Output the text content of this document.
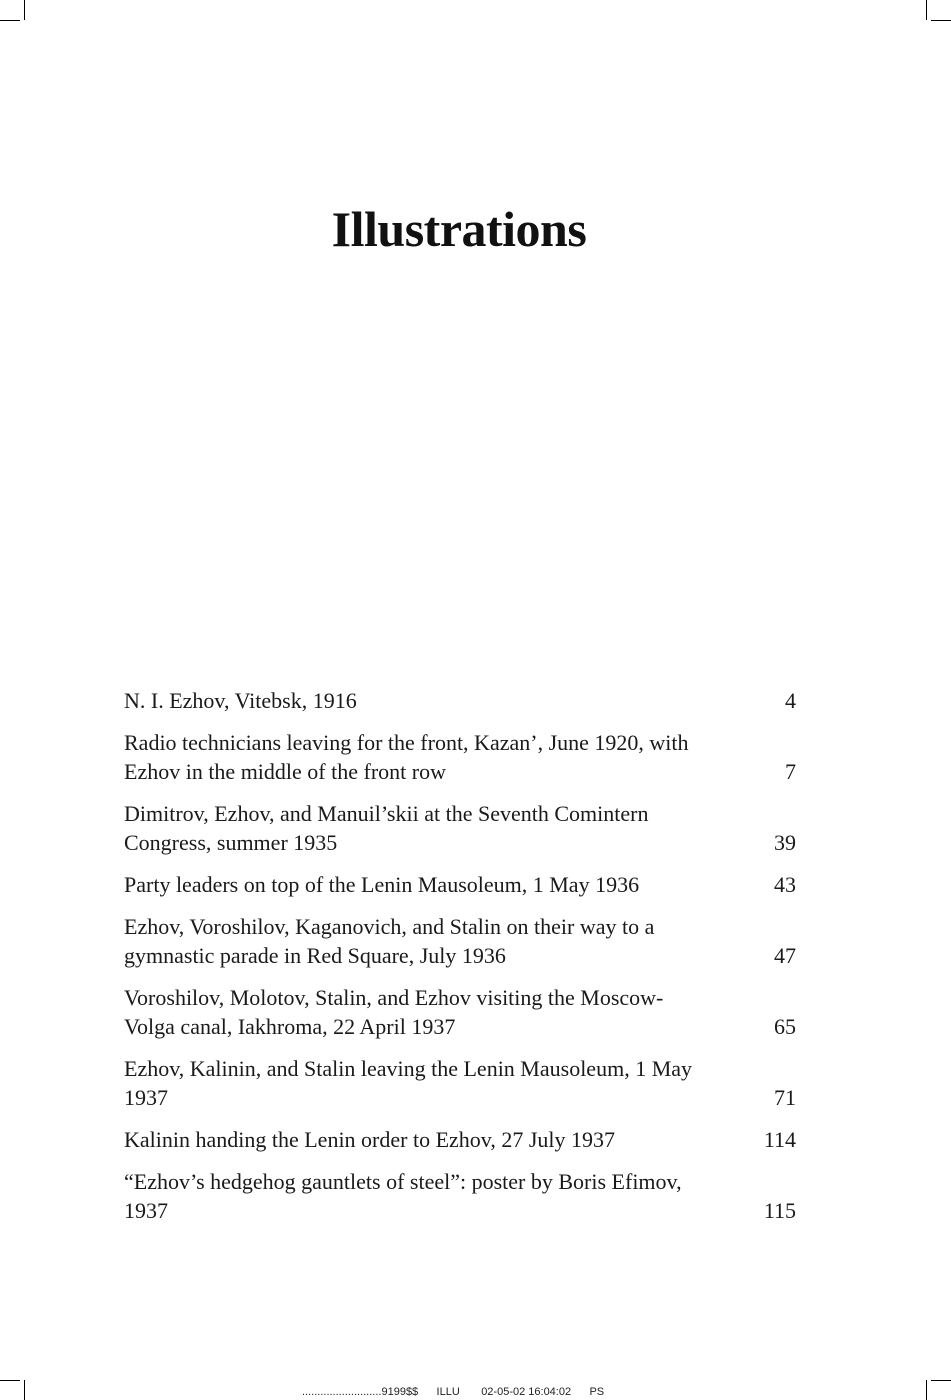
Illustrations
N. I. Ezhov, Vitebsk, 1916	4
Radio technicians leaving for the front, Kazan’, June 1920, with Ezhov in the middle of the front row	7
Dimitrov, Ezhov, and Manuil’skii at the Seventh Comintern Congress, summer 1935	39
Party leaders on top of the Lenin Mausoleum, 1 May 1936	43
Ezhov, Voroshilov, Kaganovich, and Stalin on their way to a gymnastic parade in Red Square, July 1936	47
Voroshilov, Molotov, Stalin, and Ezhov visiting the Moscow-Volga canal, Iakhroma, 22 April 1937	65
Ezhov, Kalinin, and Stalin leaving the Lenin Mausoleum, 1 May 1937	71
Kalinin handing the Lenin order to Ezhov, 27 July 1937	114
“Ezhov’s hedgehog gauntlets of steel”: poster by Boris Efimov, 1937	115
..........................9199$$ ILLU 02-05-02 16:04:02 PS
